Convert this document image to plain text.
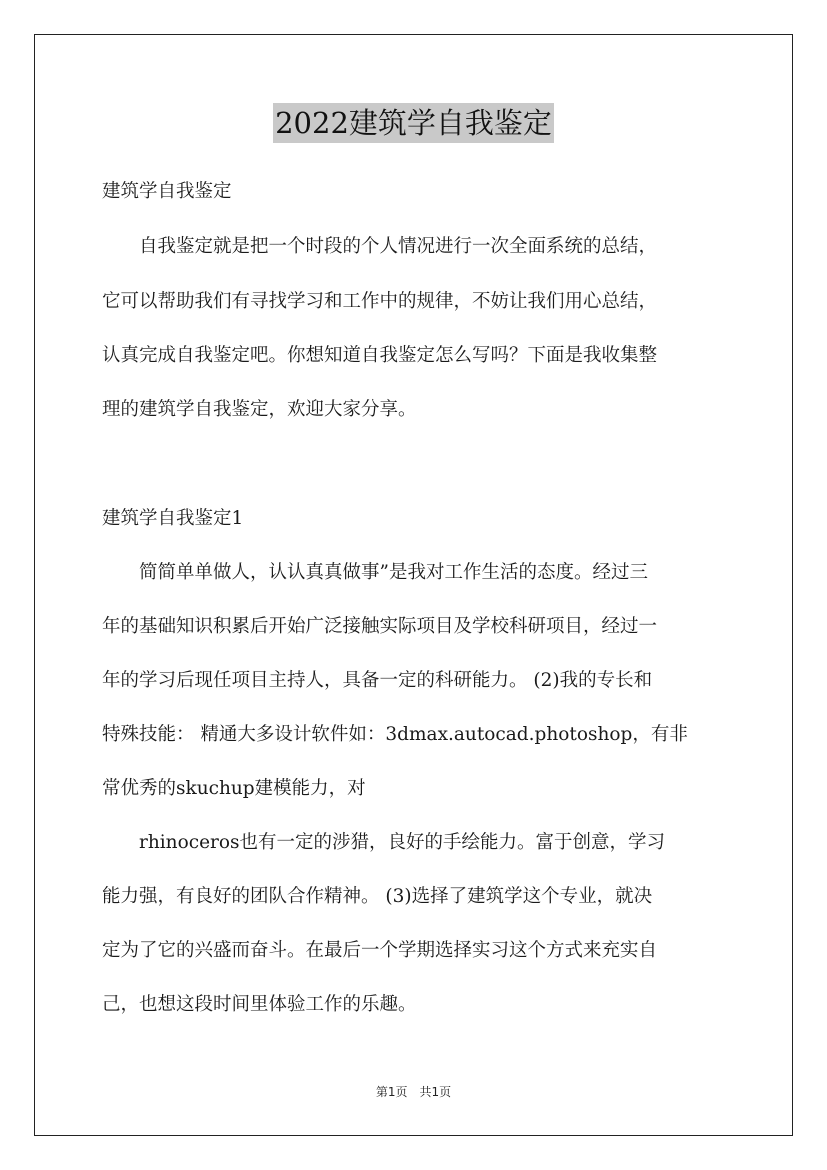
2022建筑学自我鉴定
建筑学自我鉴定
　　自我鉴定就是把一个时段的个人情况进行一次全面系统的总结，
它可以帮助我们有寻找学习和工作中的规律，不妨让我们用心总结，
认真完成自我鉴定吧。你想知道自我鉴定怎么写吗？下面是我收集整
理的建筑学自我鉴定，欢迎大家分享。
建筑学自我鉴定1
　　简简单单做人，认认真真做事”是我对工作生活的态度。经过三
年的基础知识积累后开始广泛接触实际项目及学校科研项目，经过一
年的学习后现任项目主持人，具备一定的科研能力。 (2)我的专长和
特殊技能： 精通大多设计软件如：3dmax.autocad.photoshop，有非
常优秀的skuchup建模能力，对
　　rhinoceros也有一定的涉猎，良好的手绘能力。富于创意，学习
能力强，有良好的团队合作精神。 (3)选择了建筑学这个专业，就决
定为了它的兴盛而奋斗。在最后一个学期选择实习这个方式来充实自
己，也想这段时间里体验工作的乐趣。
第1页　共1页
